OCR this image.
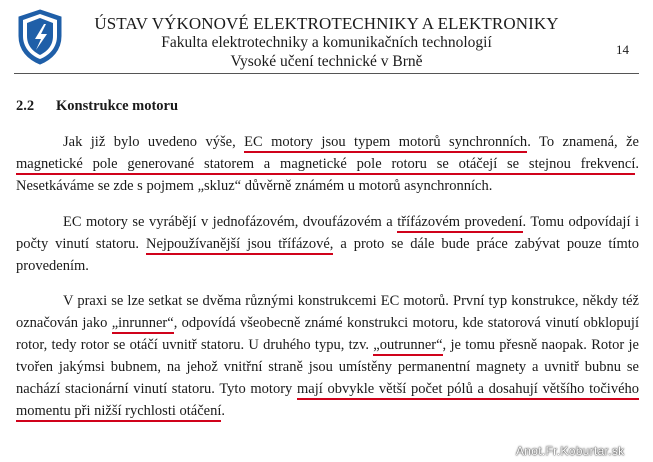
ÚSTAV VÝKONOVÉ ELEKTROTECHNIKY A ELEKTRONIKY
Fakulta elektrotechniky a komunikačních technologií
Vysoké učení technické v Brně
14
2.2 Konstrukce motoru

Jak již bylo uvedeno výše, EC motory jsou typem motorů synchronních. To znamená, že magnetické pole generované statorem a magnetické pole rotoru se otáčejí se stejnou frekvencí. Nesetkáváme se zde s pojmem „skluz“ důvěrně známém u motorů asynchronních.

EC motory se vyrábějí v jednofázovém, dvoufázovém a třífázovém provedení. Tomu odpovídají i počty vinutí statoru. Nejpoužívanější jsou třífázové, a proto se dále bude práce zabývat pouze tímto provedením.

V praxi se lze setkat se dvěma různými konstrukcemi EC motorů. První typ konstrukce, někdy též označován jako „inrunner“, odpovídá všeobecně známé konstrukci motoru, kde statorová vinutí obklopují rotor, tedy rotor se otáčí uvnitř statoru. U druhého typu, tzv. „outrunner“, je tomu přesně naopak. Rotor je tvořen jakýmsi bubnem, na jehož vnitřní straně jsou umístěny permanentní magnety a uvnitř bubnu se nachází stacionární vinutí statoru. Tyto motory mají obvykle větší počet pólů a dosahují většího točivého momentu při nižší rychlosti otáčení.

Anot.Fr.Koburtar.sk
